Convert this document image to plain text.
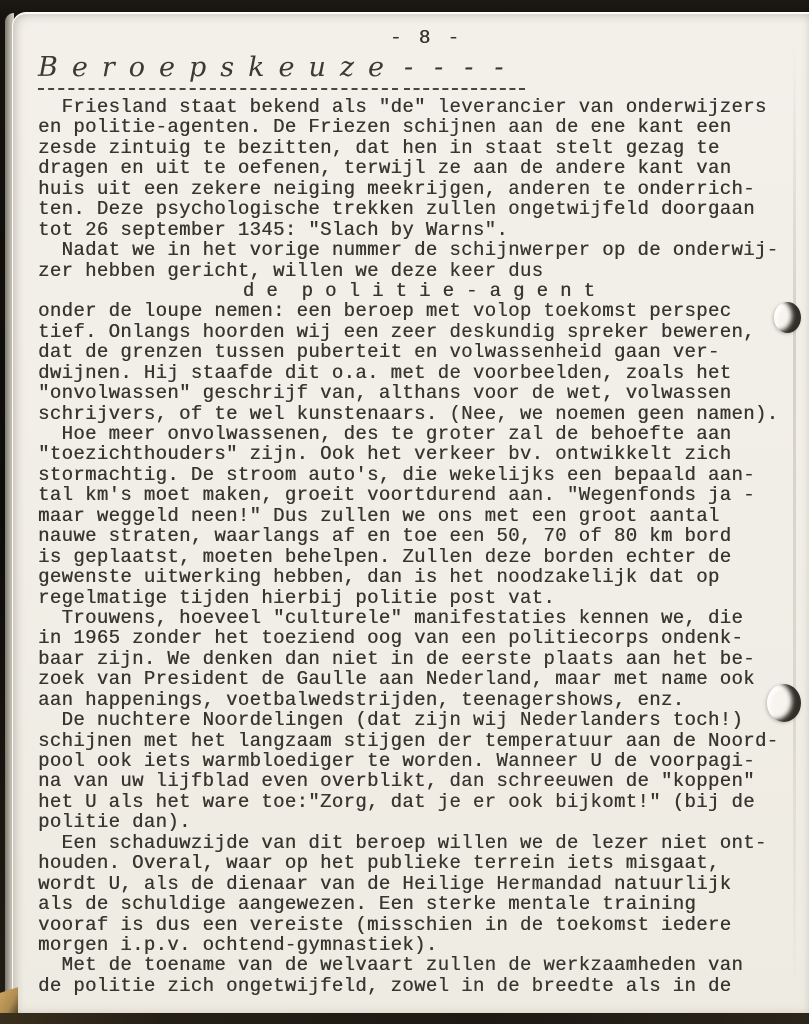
- 8 -
Beroepskeuze ----
Friesland staat bekend als "de" leverancier van onderwijzers
en politie-agenten. De Friezen schijnen aan de ene kant een
zesde zintuig te bezitten, dat hen in staat stelt gezag te
dragen en uit te oefenen, terwijl ze aan de andere kant van
huis uit een zekere neiging meekrijgen, anderen te onderrich-
ten. Deze psychologische trekken zullen ongetwijfeld doorgaan
tot 26 september 1345: "Slach by Warns".
Nadat we in het vorige nummer de schijnwerper op de onderwij-
zer hebben gericht, willen we deze keer dus
d e  p o l i t i e - a g e n t
onder de loupe nemen: een beroep met volop toekomst perspec
tief. Onlangs hoorden wij een zeer deskundig spreker beweren,
dat de grenzen tussen puberteit en volwassenheid gaan ver-
dwijnen. Hij staafde dit o.a. met de voorbeelden, zoals het
"onvolwassen" geschrijf van, althans voor de wet, volwassen
schrijvers, of te wel kunstenaars. (Nee, we noemen geen namen).
Hoe meer onvolwassenen, des te groter zal de behoefte aan
"toezichthouders" zijn. Ook het verkeer bv. ontwikkelt zich
stormachtig. De stroom auto's, die wekelijks een bepaald aan-
tal km's moet maken, groeit voortdurend aan. "Wegenfonds ja -
maar weggeld neen!" Dus zullen we ons met een groot aantal
nauwe straten, waarlangs af en toe een 50, 70 of 80 km bord
is geplaatst, moeten behelpen. Zullen deze borden echter de
gewenste uitwerking hebben, dan is het noodzakelijk dat op
regelmatige tijden hierbij politie post vat.
Trouwens, hoeveel "culturele" manifestaties kennen we, die
in 1965 zonder het toeziend oog van een politiecorps ondenk-
baar zijn. We denken dan niet in de eerste plaats aan het be-
zoek van President de Gaulle aan Nederland, maar met name ook
aan happenings, voetbalwedstrijden, teenagershows, enz.
De nuchtere Noordelingen (dat zijn wij Nederlanders toch!)
schijnen met het langzaam stijgen der temperatuur aan de Noord-
pool ook iets warmbloediger te worden. Wanneer U de voorpagi-
na van uw lijfblad even overblikt, dan schreeuwen de "koppen"
het U als het ware toe:"Zorg, dat je er ook bijkomt!" (bij de
politie dan).
Een schaduwzijde van dit beroep willen we de lezer niet ont-
houden. Overal, waar op het publieke terrein iets misgaat,
wordt U, als de dienaar van de Heilige Hermandad natuurlijk
als de schuldige aangewezen. Een sterke mentale training
vooraf is dus een vereiste (misschien in de toekomst iedere
morgen i.p.v. ochtend-gymnastiek).
Met de toename van de welvaart zullen de werkzaamheden van
de politie zich ongetwijfeld, zowel in de breedte als in de
